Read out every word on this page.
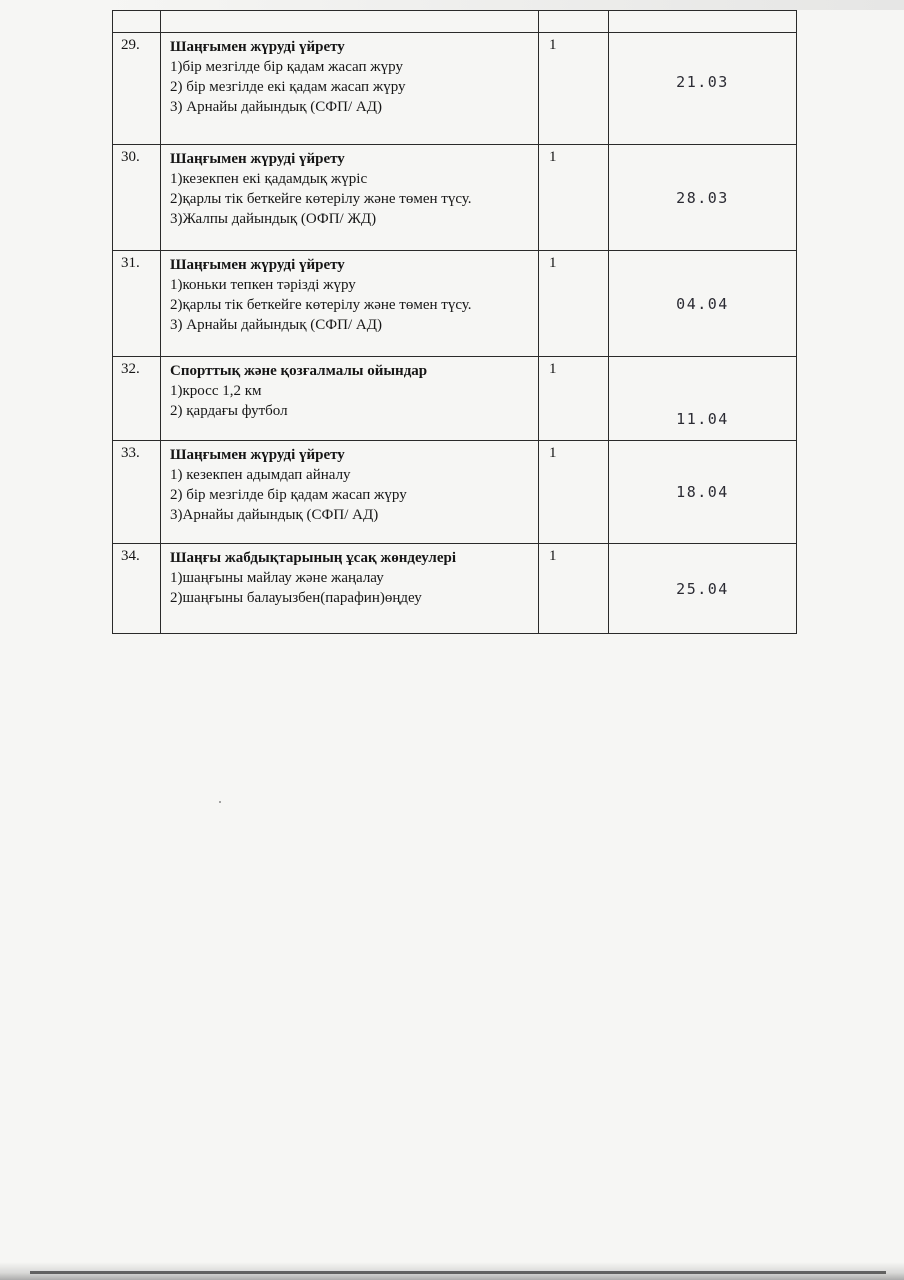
29.	Шаңғымен жүруді үйрету
1)бір мезгілде бір қадам жасап жүру
2) бір мезгілде екі қадам жасап жүру
3) Арнайы дайындық (СФП/ АД)	1	21.03
30.	Шаңғымен жүруді үйрету
1)кезекпен екі қадамдық жүріс
2)қарлы тік беткейге көтерілу және төмен түсу.
3)Жалпы дайындық (ОФП/ ЖД)	1	28.03
31.	Шаңғымен жүруді үйрету
1)коньки тепкен тәрізді жүру
2)қарлы тік беткейге көтерілу және төмен түсу.
3) Арнайы дайындық (СФП/ АД)	1	04.04
32.	Спорттық және қозғалмалы ойындар
1)кросс 1,2 км
2) қардағы футбол	1	11.04
33.	Шаңғымен жүруді үйрету
1) кезекпен адымдап айналу
2) бір мезгілде бір қадам жасап жүру
3)Арнайы дайындық (СФП/ АД)	1	18.04
34.	Шаңғы жабдықтарының ұсақ жөндеулері
1)шаңғыны майлау және жаңалау
2)шаңғыны балауызбен(парафин)өңдеу	1	25.04
